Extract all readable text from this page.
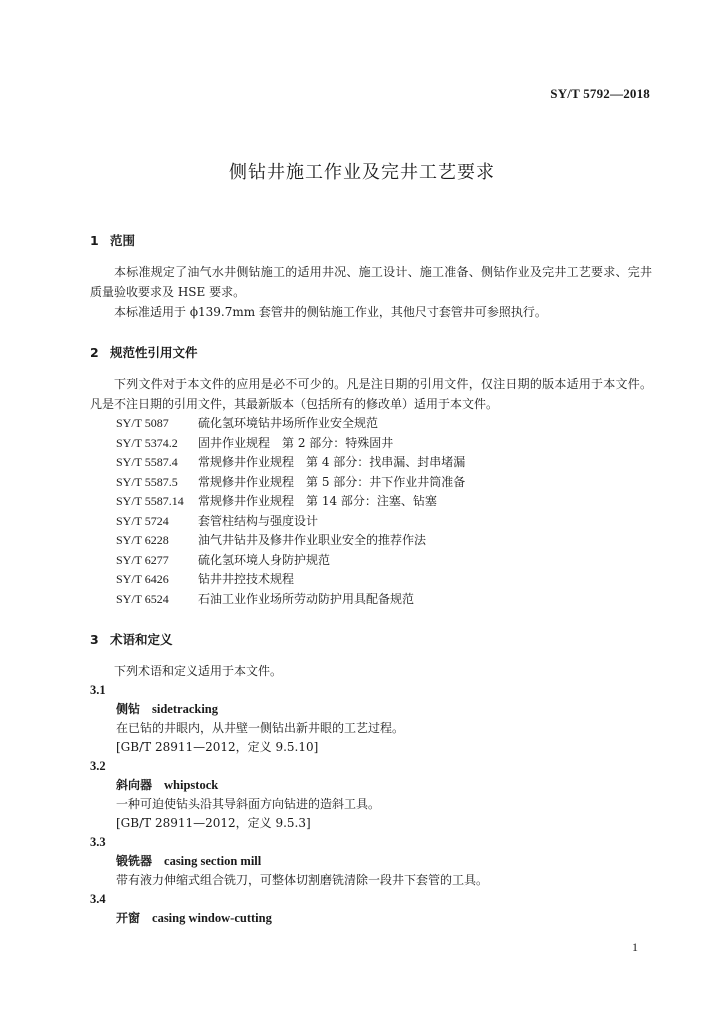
SY/T 5792—2018
侧钻井施工作业及完井工艺要求
1 范围
本标准规定了油气水井侧钻施工的适用井况、施工设计、施工准备、侧钻作业及完井工艺要求、完井质量验收要求及 HSE 要求。
本标准适用于 ϕ139.7mm 套管井的侧钻施工作业，其他尺寸套管井可参照执行。
2 规范性引用文件
下列文件对于本文件的应用是必不可少的。凡是注日期的引用文件，仅注日期的版本适用于本文件。凡是不注日期的引用文件，其最新版本（包括所有的修改单）适用于本文件。
SY/T 5087 硫化氢环境钻井场所作业安全规范
SY/T 5374.2 固井作业规程　第 2 部分：特殊固井
SY/T 5587.4 常规修井作业规程　第 4 部分：找串漏、封串堵漏
SY/T 5587.5 常规修井作业规程　第 5 部分：井下作业井筒准备
SY/T 5587.14 常规修井作业规程　第 14 部分：注塞、钻塞
SY/T 5724 套管柱结构与强度设计
SY/T 6228 油气井钻井及修井作业职业安全的推荐作法
SY/T 6277 硫化氢环境人身防护规范
SY/T 6426 钻井井控技术规程
SY/T 6524 石油工业作业场所劳动防护用具配备规范
3 术语和定义
下列术语和定义适用于本文件。
3.1
侧钻 sidetracking
在已钻的井眼内，从井壁一侧钻出新井眼的工艺过程。
[GB/T 28911—2012，定义 9.5.10]
3.2
斜向器 whipstock
一种可迫使钻头沿其导斜面方向钻进的造斜工具。
[GB/T 28911—2012，定义 9.5.3]
3.3
锻铣器 casing section mill
带有液力伸缩式组合铣刀，可整体切割磨铣清除一段井下套管的工具。
3.4
开窗 casing window-cutting
1
